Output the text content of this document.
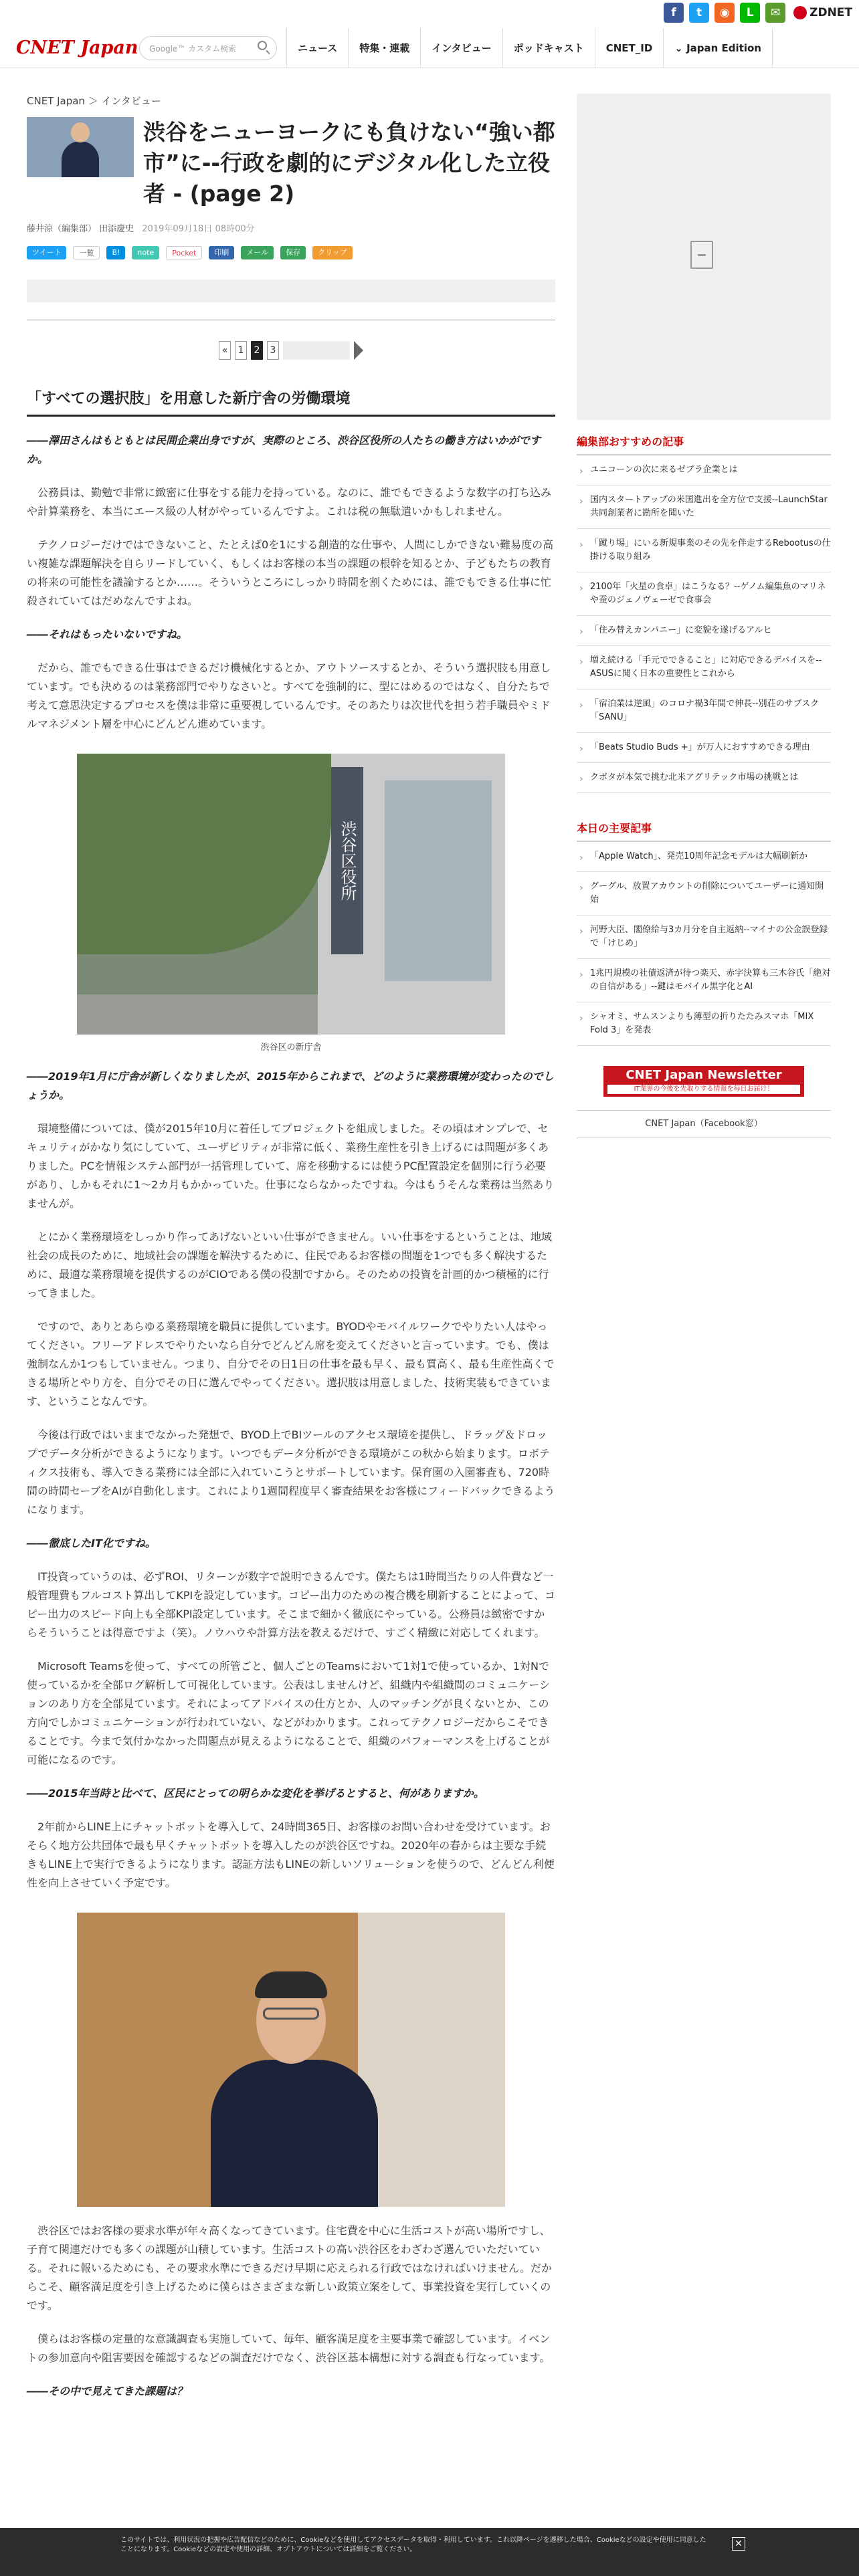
f	t	◉	L	✉	ZDNET
CNET Japan Google™ カスタム検索	ニュース	特集・連載	インタビュー	ポッドキャスト	CNET_ID	⌄ Japan Edition
CNET Japan ＞ インタビュー
渋谷をニューヨークにも負けない“強い都市”に--行政を劇的にデジタル化した立役者 - (page 2)
藤井涼（編集部） 田添慶史 2019年09月18日 08時00分
ツイート	一覧	B!	note	Pocket	印刷	メール	保存	クリップ
«	1	2	3
「すべての選択肢」を用意した新庁舎の労働環境

――澤田さんはもともとは民間企業出身ですが、実際のところ、渋谷区役所の人たちの働き方はいかがですか。

公務員は、勤勉で非常に緻密に仕事をする能力を持っている。なのに、誰でもできるような数字の打ち込みや計算業務を、本当にエース級の人材がやっているんですよ。これは税の無駄遣いかもしれません。

テクノロジーだけではできないこと、たとえば0を1にする創造的な仕事や、人間にしかできない難易度の高い複雑な課題解決を自らリードしていく、もしくはお客様の本当の課題の根幹を知るとか、子どもたちの教育の将来の可能性を議論するとか……。そういうところにしっかり時間を割くためには、誰でもできる仕事に忙殺されていてはだめなんですよね。

――それはもったいないですね。

だから、誰でもできる仕事はできるだけ機械化するとか、アウトソースするとか、そういう選択肢も用意しています。でも決めるのは業務部門でやりなさいと。すべてを強制的に、型にはめるのではなく、自分たちで考えて意思決定するプロセスを僕は非常に重要視しているんです。そのあたりは次世代を担う若手職員やミドルマネジメント層を中心にどんどん進めています。

渋谷区役所
渋谷区の新庁舎

――2019年1月に庁舎が新しくなりましたが、2015年からこれまで、どのように業務環境が変わったのでしょうか。

環境整備については、僕が2015年10月に着任してプロジェクトを組成しました。その頃はオンプレで、セキュリティがかなり気にしていて、ユーザビリティが非常に低く、業務生産性を引き上げるには問題が多くありました。PCを情報システム部門が一括管理していて、席を移動するには使うPC配置設定を個別に行う必要があり、しかもそれに1〜2カ月もかかっていた。仕事にならなかったですね。今はもうそんな業務は当然ありませんが。

とにかく業務環境をしっかり作ってあげないといい仕事ができません。いい仕事をするということは、地域社会の成長のために、地域社会の課題を解決するために、住民であるお客様の問題を1つでも多く解決するために、最適な業務環境を提供するのがCIOである僕の役割ですから。そのための投資を計画的かつ積極的に行ってきました。

ですので、ありとあらゆる業務環境を職員に提供しています。BYODやモバイルワークでやりたい人はやってください。フリーアドレスでやりたいなら自分でどんどん席を変えてくださいと言っています。でも、僕は強制なんか1つもしていません。つまり、自分でその日1日の仕事を最も早く、最も質高く、最も生産性高くできる場所とやり方を、自分でその日に選んでやってください。選択肢は用意しました、技術実装もできています、ということなんです。

今後は行政ではいままでなかった発想で、BYOD上でBIツールのアクセス環境を提供し、ドラッグ＆ドロップでデータ分析ができるようになります。いつでもデータ分析ができる環境がこの秋から始まります。ロボティクス技術も、導入できる業務には全部に入れていこうとサポートしています。保育園の入園審査も、720時間の時間セーブをAIが自動化します。これにより1週間程度早く審査結果をお客様にフィードバックできるようになります。

――徹底したIT化ですね。

IT投資っていうのは、必ずROI、リターンが数字で説明できるんです。僕たちは1時間当たりの人件費など一般管理費もフルコスト算出してKPIを設定しています。コピー出力のための複合機を刷新することによって、コピー出力のスピード向上も全部KPI設定しています。そこまで細かく徹底にやっている。公務員は緻密ですからそういうことは得意ですよ（笑）。ノウハウや計算方法を教えるだけで、すごく精緻に対応してくれます。

Microsoft Teamsを使って、すべての所管ごと、個人ごとのTeamsにおいて1対1で使っているか、1対Nで使っているかを全部ログ解析して可視化しています。公表はしませんけど、組織内や組織間のコミュニケーションのあり方を全部見ています。それによってアドバイスの仕方とか、人のマッチングが良くないとか、この方向でしかコミュニケーションが行われていない、などがわかります。これってテクノロジーだからこそできることです。今まで気付かなかった問題点が見えるようになることで、組織のパフォーマンスを上げることが可能になるのです。

――2015年当時と比べて、区民にとっての明らかな変化を挙げるとすると、何がありますか。

2年前からLINE上にチャットボットを導入して、24時間365日、お客様のお問い合わせを受けています。おそらく地方公共団体で最も早くチャットボットを導入したのが渋谷区ですね。2020年の春からは主要な手続きもLINE上で実行できるようになります。認証方法もLINEの新しいソリューションを使うので、どんどん利便性を向上させていく予定です。

渋谷区ではお客様の要求水準が年々高くなってきています。住宅費を中心に生活コストが高い場所ですし、子育て関連だけでも多くの課題が山積しています。生活コストの高い渋谷区をわざわざ選んでいただいている。それに報いるためにも、その要求水準にできるだけ早期に応えられる行政ではなければいけません。だからこそ、顧客満足度を引き上げるために僕らはさまざまな新しい政策立案をして、事業投資を実行していくのです。

僕らはお客様の定量的な意識調査も実施していて、毎年、顧客満足度を主要事業で確認しています。イベントの参加意向や阻害要因を確認するなどの調査だけでなく、渋谷区基本構想に対する調査も行なっています。

――その中で見えてきた課題は？

編集部おすすめの記事
› ユニコーンの次に来るゼブラ企業とは
› 国内スタートアップの米国進出を全方位で支援--LaunchStar共同創業者に勘所を聞いた
› 「蹴り場」にいる新規事業のその先を伴走するRebootusの仕掛ける取り組み
› 2100年「火星の食卓」はこうなる？--ゲノム編集魚のマリネや蚕のジェノヴェーゼで食事会
› 「住み替えカンパニー」に変貌を遂げるアルヒ
› 増え続ける「手元でできること」に対応できるデバイスを--ASUSに聞く日本の重要性とこれから
› 「宿泊業は逆風」のコロナ禍3年間で伸長--別荘のサブスク「SANU」
› 「Beats Studio Buds +」が万人におすすめできる理由
› クボタが本気で挑む北米アグリテック市場の挑戦とは
本日の主要記事
› 「Apple Watch」、発売10周年記念モデルは大幅刷新か
› グーグル、放置アカウントの削除についてユーザーに通知開始
› 河野大臣、閣僚給与3カ月分を自主返納--マイナの公金誤登録で「けじめ」
› 1兆円規模の社債返済が待つ楽天、赤字決算も三木谷氏「絶対の自信がある」--鍵はモバイル黒字化とAI
› シャオミ、サムスンよりも薄型の折りたたみスマホ「MIX Fold 3」を発表
CNET Japan Newsletter
IT業界の今後を先取りする情報を毎日お届け！
CNET Japan（Facebook窓）
このサイトでは、利用状況の把握や広告配信などのために、Cookieなどを使用してアクセスデータを取得・利用しています。これ以降ページを遷移した場合、Cookieなどの設定や使用に同意したことになります。Cookieなどの設定や使用の詳細、オプトアウトについては詳細をご覧ください。
✕
